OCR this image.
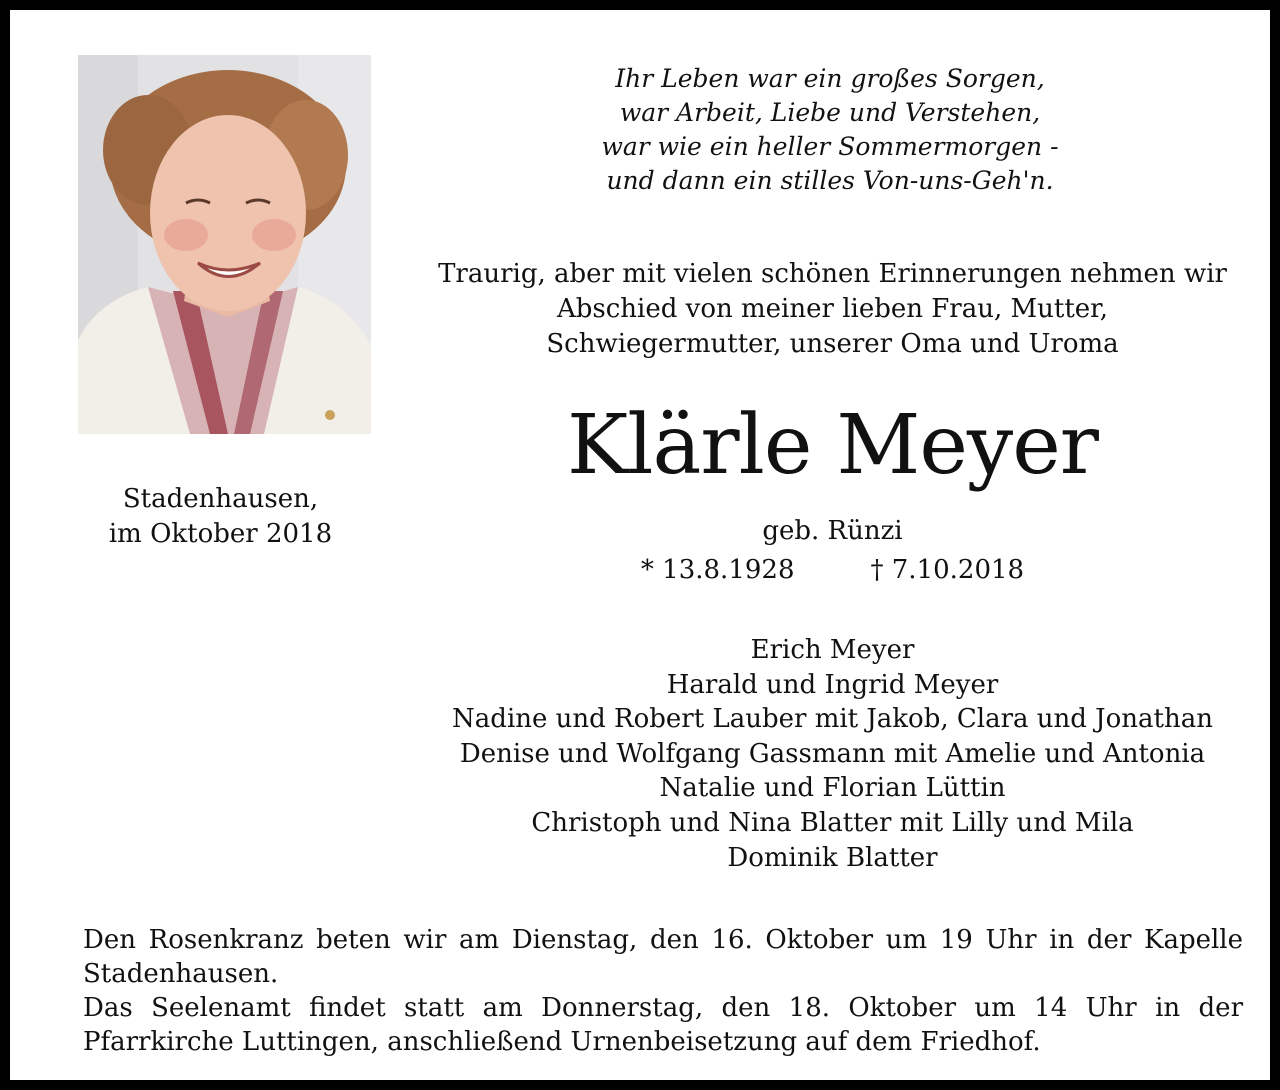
Stadenhausen,
im Oktober 2018
Ihr Leben war ein großes Sorgen,
war Arbeit, Liebe und Verstehen,
war wie ein heller Sommermorgen -
und dann ein stilles Von-uns-Geh'n.
Traurig, aber mit vielen schönen Erinnerungen nehmen wir
Abschied von meiner lieben Frau, Mutter,
Schwiegermutter, unserer Oma und Uroma
Klärle Meyer
geb. Rünzi
* 13.8.1928	† 7.10.2018
Erich Meyer
Harald und Ingrid Meyer
Nadine und Robert Lauber mit Jakob, Clara und Jonathan
Denise und Wolfgang Gassmann mit Amelie und Antonia
Natalie und Florian Lüttin
Christoph und Nina Blatter mit Lilly und Mila
Dominik Blatter

Den Rosenkranz beten wir am Dienstag, den 16. Oktober um 19 Uhr in der Kapelle Stadenhausen.

Das Seelenamt findet statt am Donnerstag, den 18. Oktober um 14 Uhr in der Pfarrkirche Luttingen, anschließend Urnenbeisetzung auf dem Friedhof.
